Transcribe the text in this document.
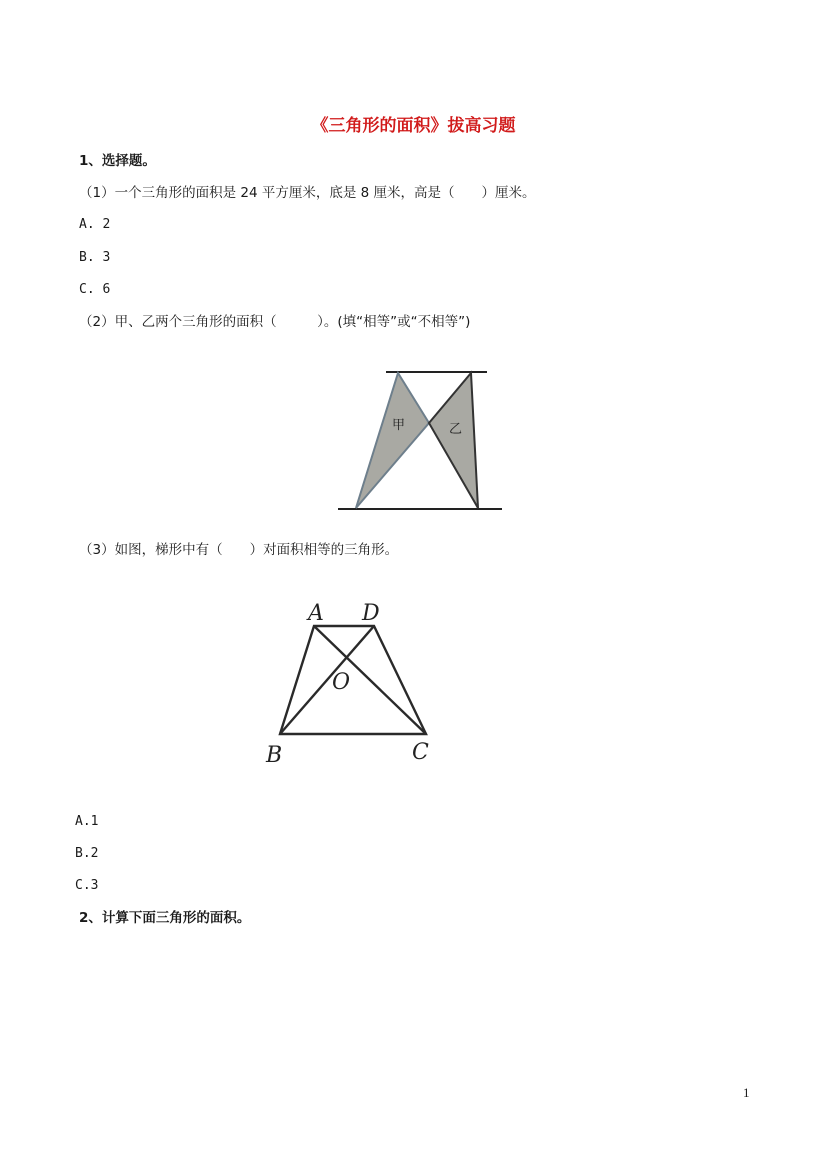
《三角形的面积》拔高习题
1、选择题。
（1）一个三角形的面积是 24 平方厘米，底是 8 厘米，高是（　　）厘米。
A. 2
B. 3
C. 6
（2）甲、乙两个三角形的面积（　　　）。(填“相等”或“不相等”)
甲	乙
（3）如图，梯形中有（　　）对面积相等的三角形。
A D
O
B	C
A.1
B.2
C.3
2、计算下面三角形的面积。
1
